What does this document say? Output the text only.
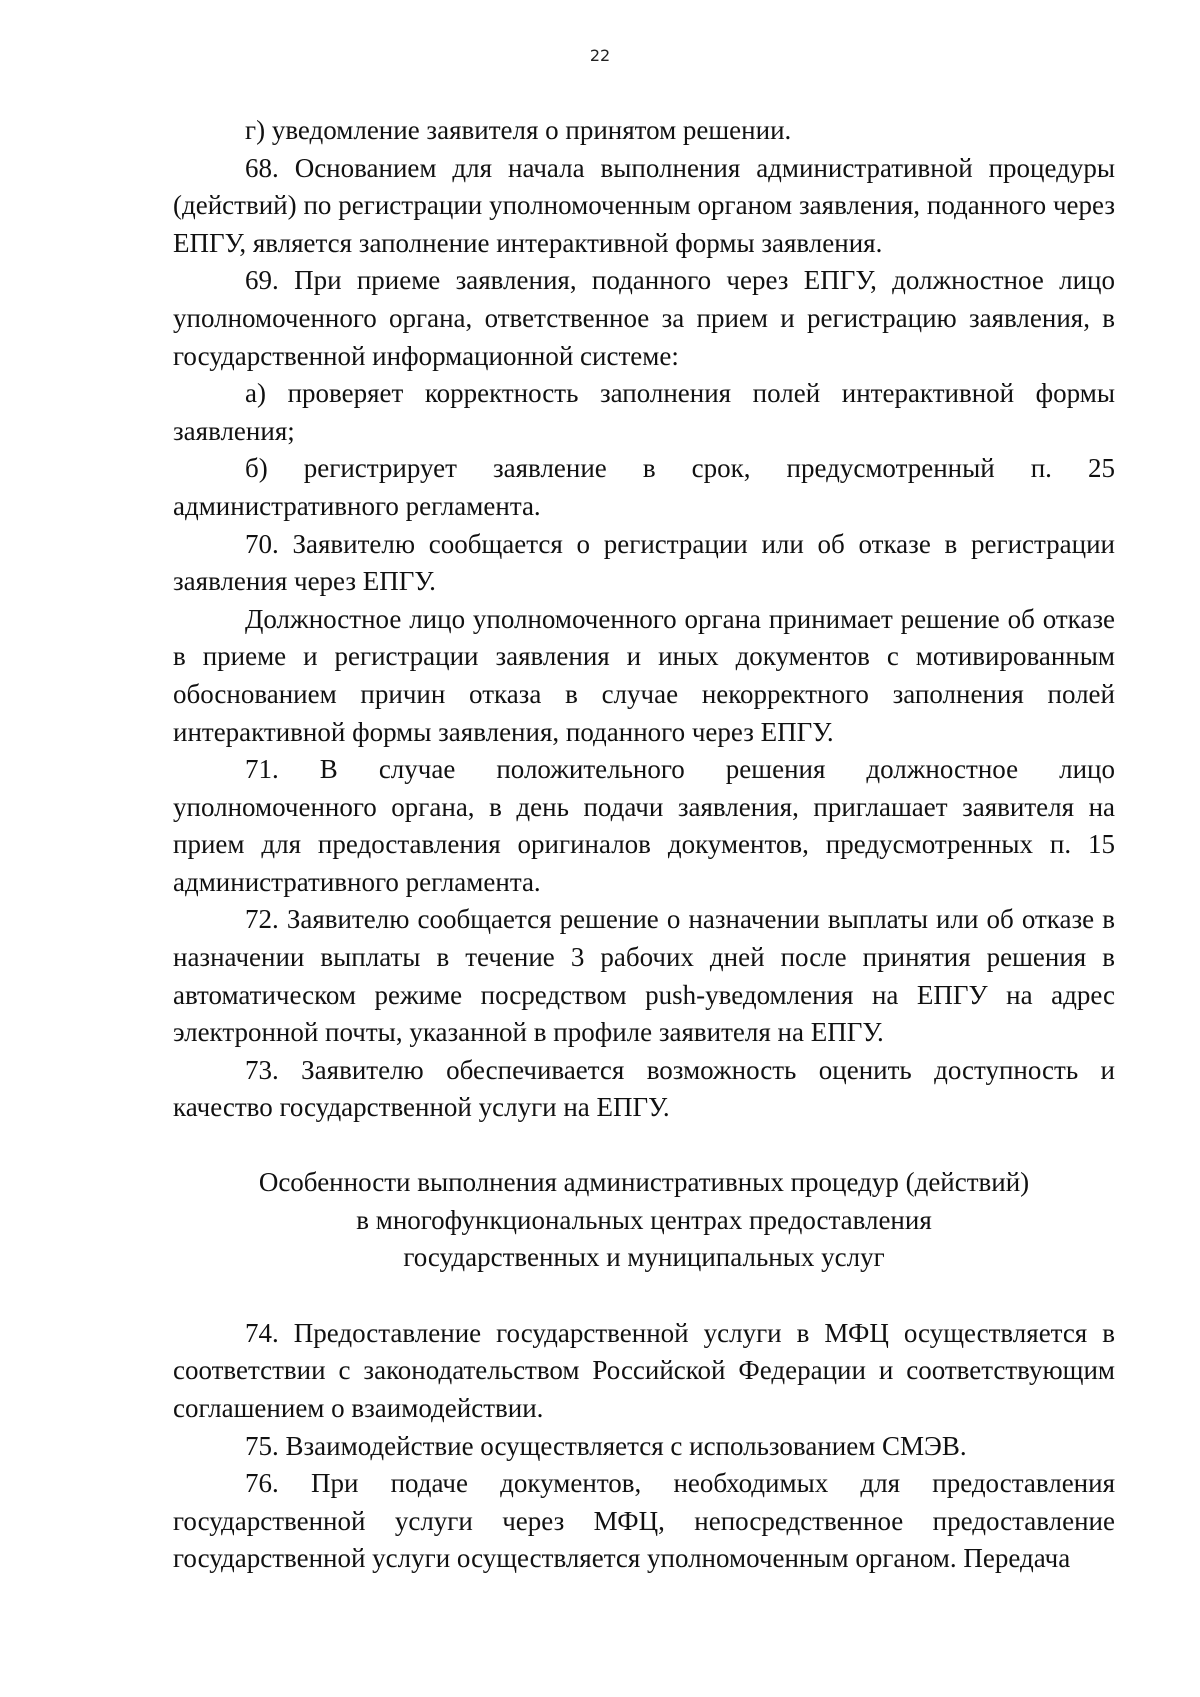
22

г) уведомление заявителя о принятом решении.

68. Основанием для начала выполнения административной процедуры (действий) по регистрации уполномоченным органом заявления, поданного через ЕПГУ, является заполнение интерактивной формы заявления.

69. При приеме заявления, поданного через ЕПГУ, должностное лицо уполномоченного органа, ответственное за прием и регистрацию заявления, в государственной информационной системе:

а) проверяет корректность заполнения полей интерактивной формы заявления;

б) регистрирует заявление в срок, предусмотренный п. 25 административного регламента.

70. Заявителю сообщается о регистрации или об отказе в регистрации заявления через ЕПГУ.

Должностное лицо уполномоченного органа принимает решение об отказе в приеме и регистрации заявления и иных документов с мотивированным обоснованием причин отказа в случае некорректного заполнения полей интерактивной формы заявления, поданного через ЕПГУ.

71. В случае положительного решения должностное лицо уполномоченного органа, в день подачи заявления, приглашает заявителя на прием для предоставления оригиналов документов, предусмотренных п. 15 административного регламента.

72. Заявителю сообщается решение о назначении выплаты или об отказе в назначении выплаты в течение 3 рабочих дней после принятия решения в автоматическом режиме посредством push-уведомления на ЕПГУ на адрес электронной почты, указанной в профиле заявителя на ЕПГУ.

73. Заявителю обеспечивается возможность оценить доступность и качество государственной услуги на ЕПГУ.

Особенности выполнения административных процедур (действий)
в многофункциональных центрах предоставления
государственных и муниципальных услуг

74. Предоставление государственной услуги в МФЦ осуществляется в соответствии с законодательством Российской Федерации и соответствующим соглашением о взаимодействии.

75. Взаимодействие осуществляется с использованием СМЭВ.

76. При подаче документов, необходимых для предоставления государственной услуги через МФЦ, непосредственное предоставление государственной услуги осуществляется уполномоченным органом. Передача
